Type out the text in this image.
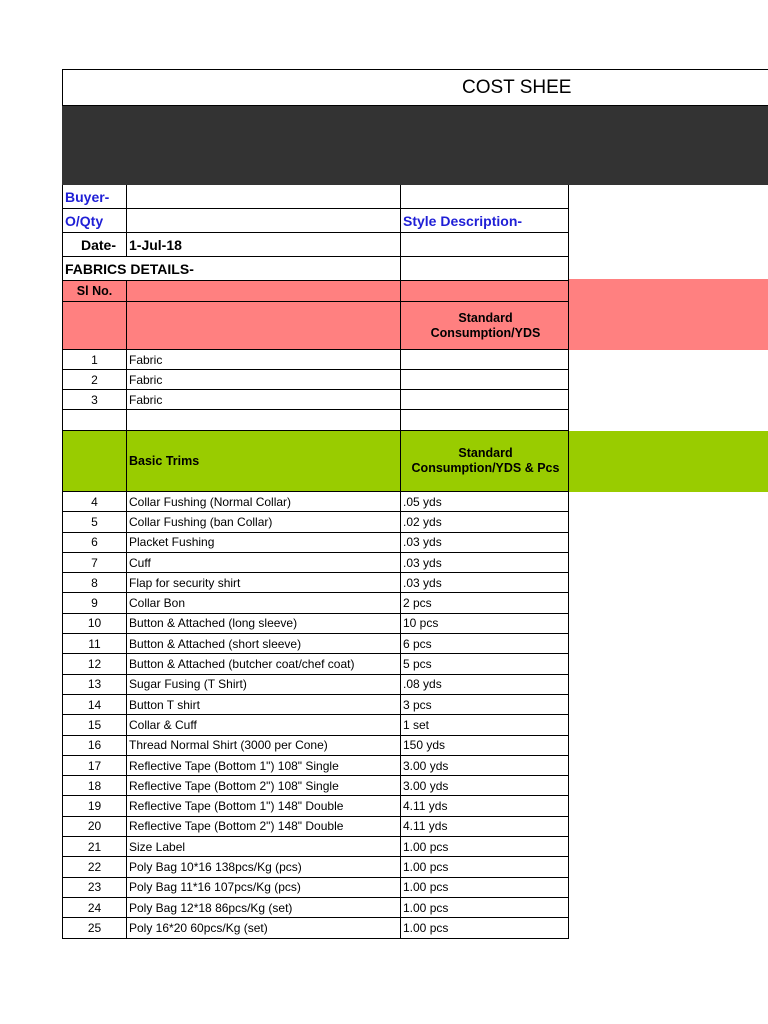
COST SHEE
Buyer-
O/Qty	Style Description-
Date- 1-Jul-18
FABRICS DETAILS-
Sl No.
Standard Consumption/YDS
1	Fabric
2	Fabric
3	Fabric
Basic Trims
Standard Consumption/YDS & Pcs
4	Collar Fushing (Normal Collar)	.05 yds
5	Collar Fushing (ban Collar)	.02 yds
6	Placket Fushing	.03 yds
7	Cuff	.03 yds
8	Flap for security shirt	.03 yds
9	Collar Bon	2 pcs
10	Button & Attached (long sleeve)	10 pcs
11	Button & Attached (short sleeve)	6 pcs
12	Button & Attached (butcher coat/chef coat)	5 pcs
13	Sugar Fusing (T Shirt)	.08 yds
14	Button T shirt	3 pcs
15	Collar & Cuff	1 set
16	Thread Normal Shirt (3000 per Cone)	150 yds
17	Reflective Tape (Bottom 1") 108" Single	3.00 yds
18	Reflective Tape (Bottom 2") 108" Single	3.00 yds
19	Reflective Tape (Bottom 1") 148" Double	4.11 yds
20	Reflective Tape (Bottom 2") 148" Double	4.11 yds
21	Size Label	1.00 pcs
22	Poly Bag 10*16 138pcs/Kg (pcs)	1.00 pcs
23	Poly Bag 11*16 107pcs/Kg (pcs)	1.00 pcs
24	Poly Bag 12*18 86pcs/Kg (set)	1.00 pcs
25	Poly 16*20 60pcs/Kg (set)	1.00 pcs
